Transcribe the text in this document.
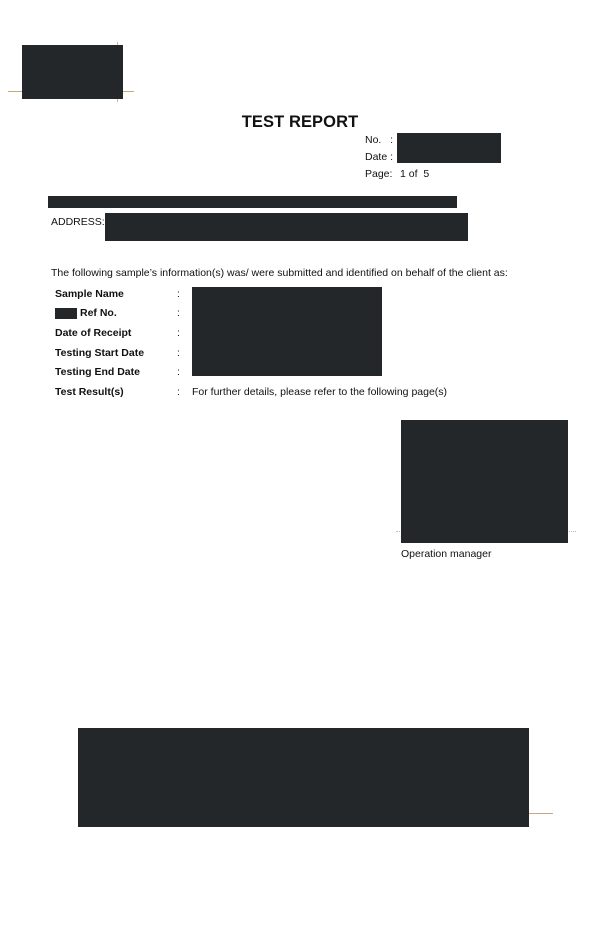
TEST REPORT
No.   :
Date :
Page: 1 of  5
ADDRESS:
The following sample’s information(s) was/ were submitted and identified on behalf of the client as:
Sample Name	:
Ref No.	:
Date of Receipt	:
Testing Start Date	:
Testing End Date	:
Test Result(s)	: For further details, please refer to the following page(s)
Operation manager
